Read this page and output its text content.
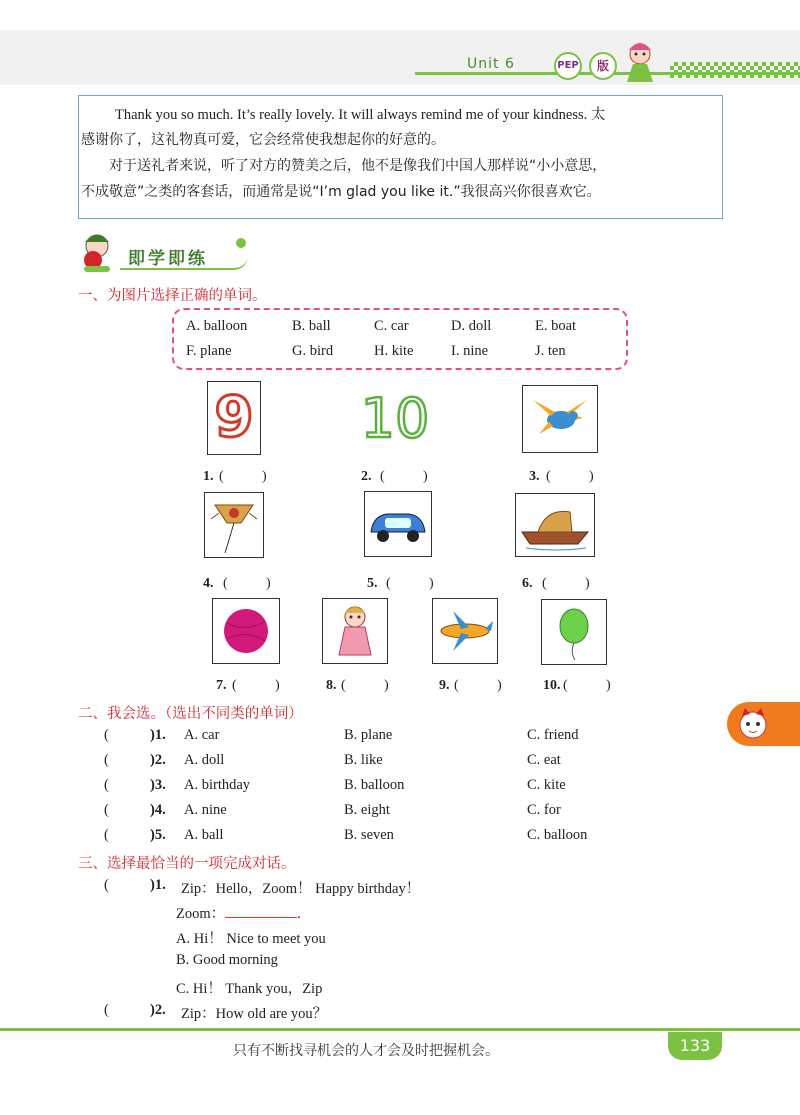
Unit 6	PEP	版
Thank you so much. It’s really lovely. It will always remind me of your kindness. 太
感谢你了，这礼物真可爱，它会经常使我想起你的好意的。
对于送礼者来说，听了对方的赞美之后，他不是像我们中国人那样说“小小意思，
不成敬意”之类的客套话，而通常是说“I’m glad you like it.”我很高兴你很喜欢它。
即学即练
一、为图片选择正确的单词。
A. balloon	B. ball	C. car	D. doll	E. boat
F. plane	G. bird	H. kite	I. nine	J. ten
9 10
1. (	)	2. (	)	3. (	)
4. (	)	5. (	)	6. (	)
7. (	)	8. (	)	9. (	)	10. (	)
二、我会选。（选出不同类的单词）
(	)1. A. car	B. plane	C. friend
(	)2. A. doll	B. like	C. eat
(	)3. A. birthday	B. balloon	C. kite
(	)4. A. nine	B. eight	C. for
(	)5. A. ball	B. seven	C. balloon
三、选择最恰当的一项完成对话。
(	)1. Zip：Hello，Zoom！ Happy birthday！
Zoom：	.
A. Hi！ Nice to meet you
B. Good morning
C. Hi！ Thank you，Zip
(	)2. Zip：How old are you？
只有不断找寻机会的人才会及时把握机会。	133
